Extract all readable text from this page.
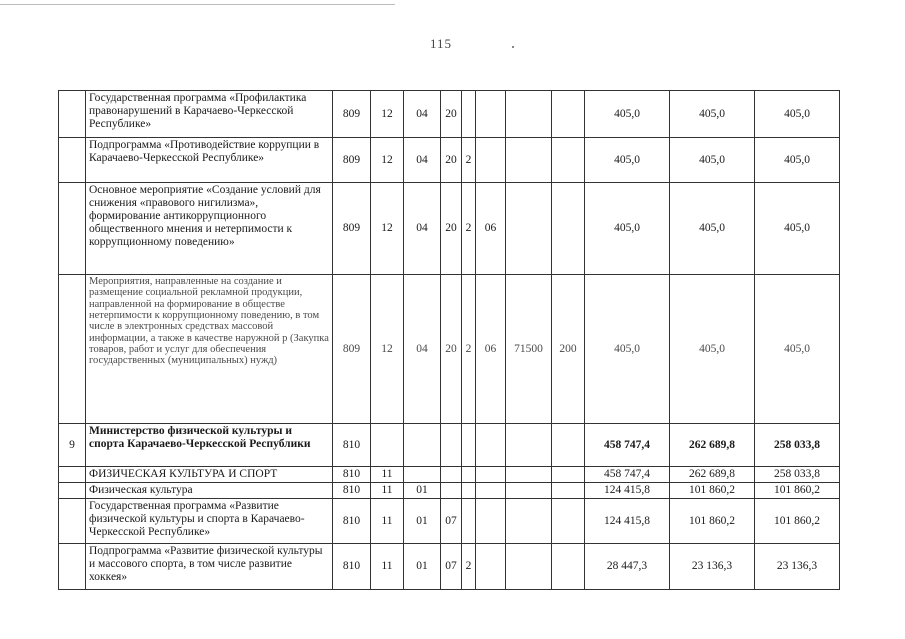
115
	Государственная программа «Профилактика правонарушений в Карачаево-Черкесской Республике»	809	12	04	20					405,0	405,0	405,0
	Подпрограмма «Противодействие коррупции в Карачаево-Черкесской Республике»	809	12	04	20	2				405,0	405,0	405,0
	Основное мероприятие «Создание условий для снижения «правового нигилизма», формирование антикоррупционного общественного мнения и нетерпимости к коррупционному поведению»	809	12	04	20	2	06			405,0	405,0	405,0
	Мероприятия, направленные на создание и размещение социальной рекламной продукции, направленной на формирование в обществе нетерпимости к коррупционному поведению, в том числе в электронных средствах массовой информации, а также в качестве наружной р (Закупка товаров, работ и услуг для обеспечения государственных (муниципальных) нужд)	809	12	04	20	2	06	71500	200	405,0	405,0	405,0
9	Министерство физической культуры и спорта Карачаево-Черкесской Республики	810								458 747,4	262 689,8	258 033,8
	ФИЗИЧЕСКАЯ КУЛЬТУРА И СПОРТ	810	11							458 747,4	262 689,8	258 033,8
	Физическая культура	810	11	01						124 415,8	101 860,2	101 860,2
	Государственная программа «Развитие физической культуры и спорта в Карачаево-Черкесской Республике»	810	11	01	07					124 415,8	101 860,2	101 860,2
	Подпрограмма «Развитие физической культуры и массового спорта, в том числе развитие хоккея»	810	11	01	07	2				28 447,3	23 136,3	23 136,3
